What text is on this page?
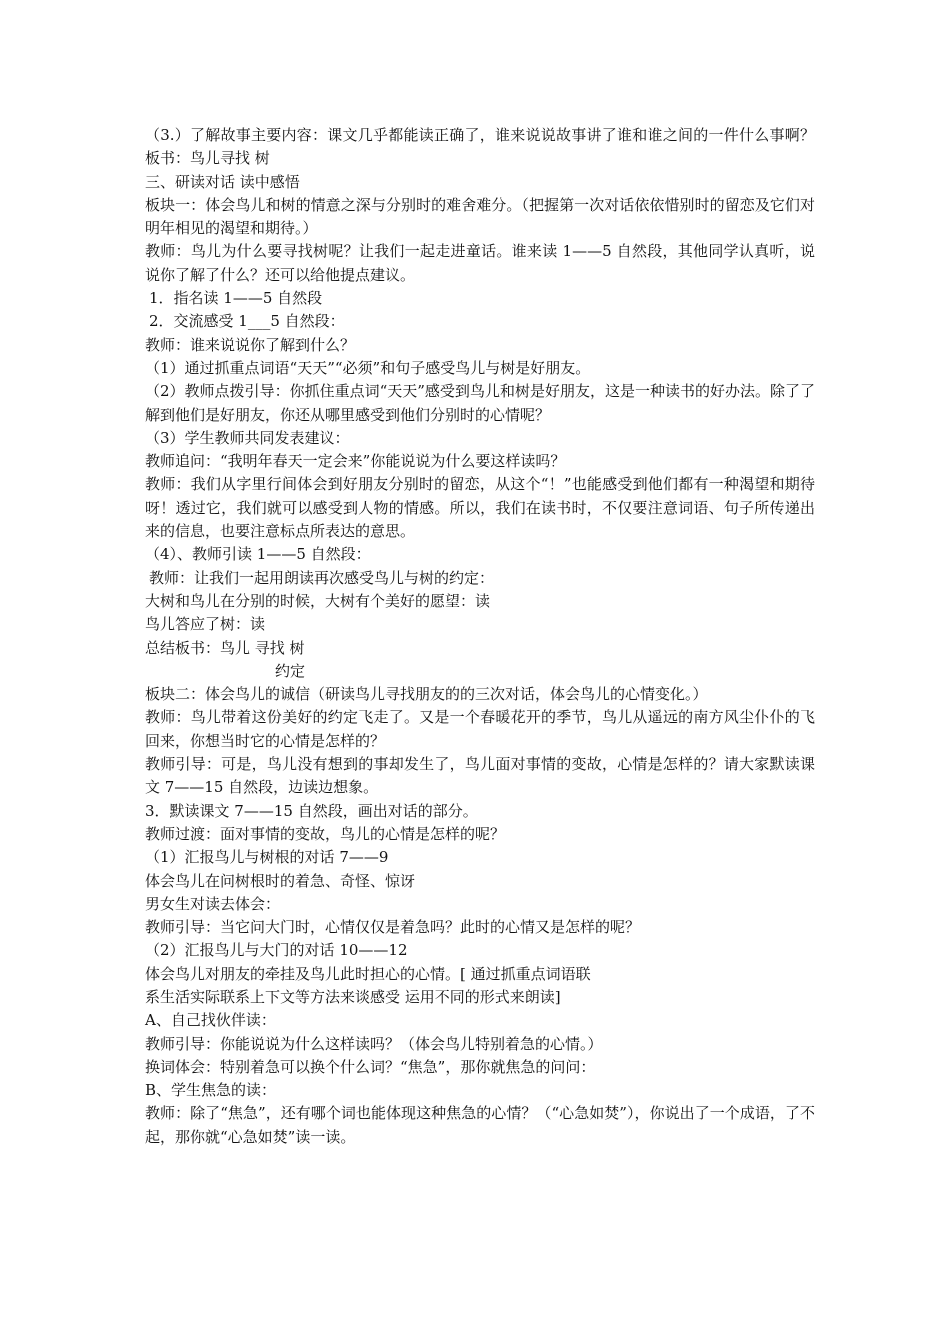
（3.）了解故事主要内容：课文几乎都能读正确了，谁来说说故事讲了谁和谁之间的一件什么事啊？板书：鸟儿寻找 树

三、研读对话 读中感悟

板块一：体会鸟儿和树的情意之深与分别时的难舍难分。（把握第一次对话依依惜别时的留恋及它们对明年相见的渴望和期待。）

教师：鸟儿为什么要寻找树呢？让我们一起走进童话。谁来读 1——5 自然段，其他同学认真听，说说你了解了什么？还可以给他提点建议。

1．指名读 1——5 自然段

2．交流感受 1___5 自然段：

教师：谁来说说你了解到什么？

（1）通过抓重点词语“天天”“必须”和句子感受鸟儿与树是好朋友。

（2）教师点拨引导：你抓住重点词“天天”感受到鸟儿和树是好朋友，这是一种读书的好办法。除了了解到他们是好朋友，你还从哪里感受到他们分别时的心情呢？

（3）学生教师共同发表建议：

教师追问：“我明年春天一定会来”你能说说为什么要这样读吗？

教师：我们从字里行间体会到好朋友分别时的留恋，从这个“！”也能感受到他们都有一种渴望和期待呀！透过它，我们就可以感受到人物的情感。所以，我们在读书时，不仅要注意词语、句子所传递出来的信息，也要注意标点所表达的意思。

（4）、教师引读 1——5 自然段：

教师：让我们一起用朗读再次感受鸟儿与树的约定：

大树和鸟儿在分别的时候，大树有个美好的愿望：读

鸟儿答应了树：读

总结板书：鸟儿 寻找 树

约定

板块二：体会鸟儿的诚信（研读鸟儿寻找朋友的的三次对话，体会鸟儿的心情变化。）

教师：鸟儿带着这份美好的约定飞走了。又是一个春暖花开的季节，鸟儿从遥远的南方风尘仆仆的飞回来，你想当时它的心情是怎样的？

教师引导：可是，鸟儿没有想到的事却发生了，鸟儿面对事情的变故，心情是怎样的？请大家默读课文 7——15 自然段，边读边想象。

3．默读课文 7——15 自然段，画出对话的部分。

教师过渡：面对事情的变故，鸟儿的心情是怎样的呢？

（1）汇报鸟儿与树根的对话 7——9

体会鸟儿在问树根时的着急、奇怪、惊讶

男女生对读去体会：

教师引导：当它问大门时，心情仅仅是着急吗？此时的心情又是怎样的呢？

（2）汇报鸟儿与大门的对话 10——12

体会鸟儿对朋友的牵挂及鸟儿此时担心的心情。[ 通过抓重点词语联

系生活实际联系上下文等方法来谈感受 运用不同的形式来朗读]

A、自己找伙伴读：

教师引导：你能说说为什么这样读吗？（体会鸟儿特别着急的心情。）

换词体会：特别着急可以换个什么词？“焦急”，那你就焦急的问问：

B、学生焦急的读：

教师：除了“焦急”，还有哪个词也能体现这种焦急的心情？（“心急如焚”），你说出了一个成语，了不起，那你就“心急如焚”读一读。
